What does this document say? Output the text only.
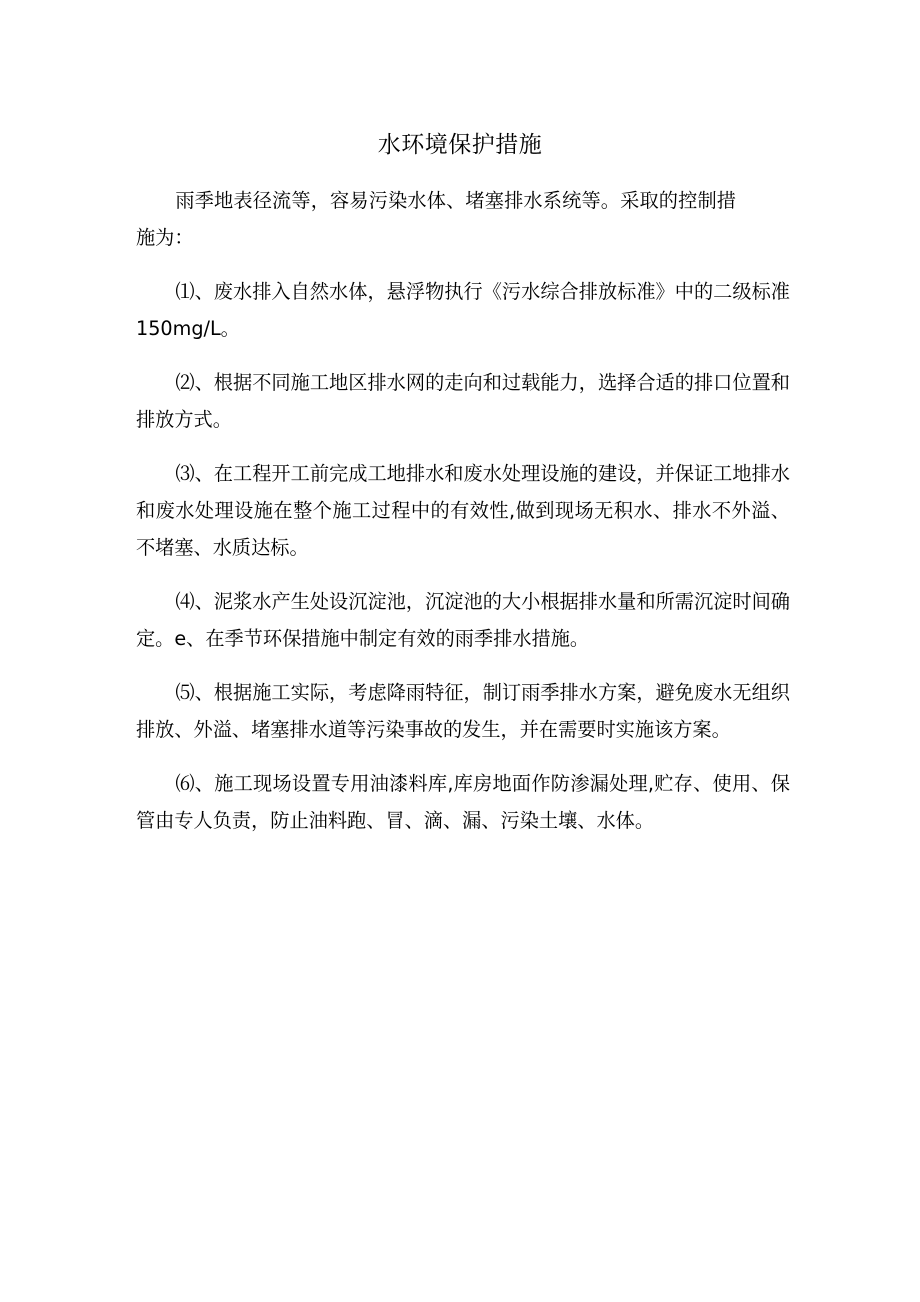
水环境保护措施

雨季地表径流等，容易污染水体、堵塞排水系统等。采取的控制措施为：

⑴、废水排入自然水体，悬浮物执行《污水综合排放标准》中的二级标准150mg/L。

⑵、根据不同施工地区排水网的走向和过载能力，选择合适的排口位置和排放方式。

⑶、在工程开工前完成工地排水和废水处理设施的建设，并保证工地排水和废水处理设施在整个施工过程中的有效性,做到现场无积水、排水不外溢、不堵塞、水质达标。

⑷、泥浆水产生处设沉淀池，沉淀池的大小根据排水量和所需沉淀时间确定。e、在季节环保措施中制定有效的雨季排水措施。

⑸、根据施工实际，考虑降雨特征，制订雨季排水方案，避免废水无组织排放、外溢、堵塞排水道等污染事故的发生，并在需要时实施该方案。

⑹、施工现场设置专用油漆料库,库房地面作防渗漏处理,贮存、使用、保管由专人负责，防止油料跑、冒、滴、漏、污染土壤、水体。
